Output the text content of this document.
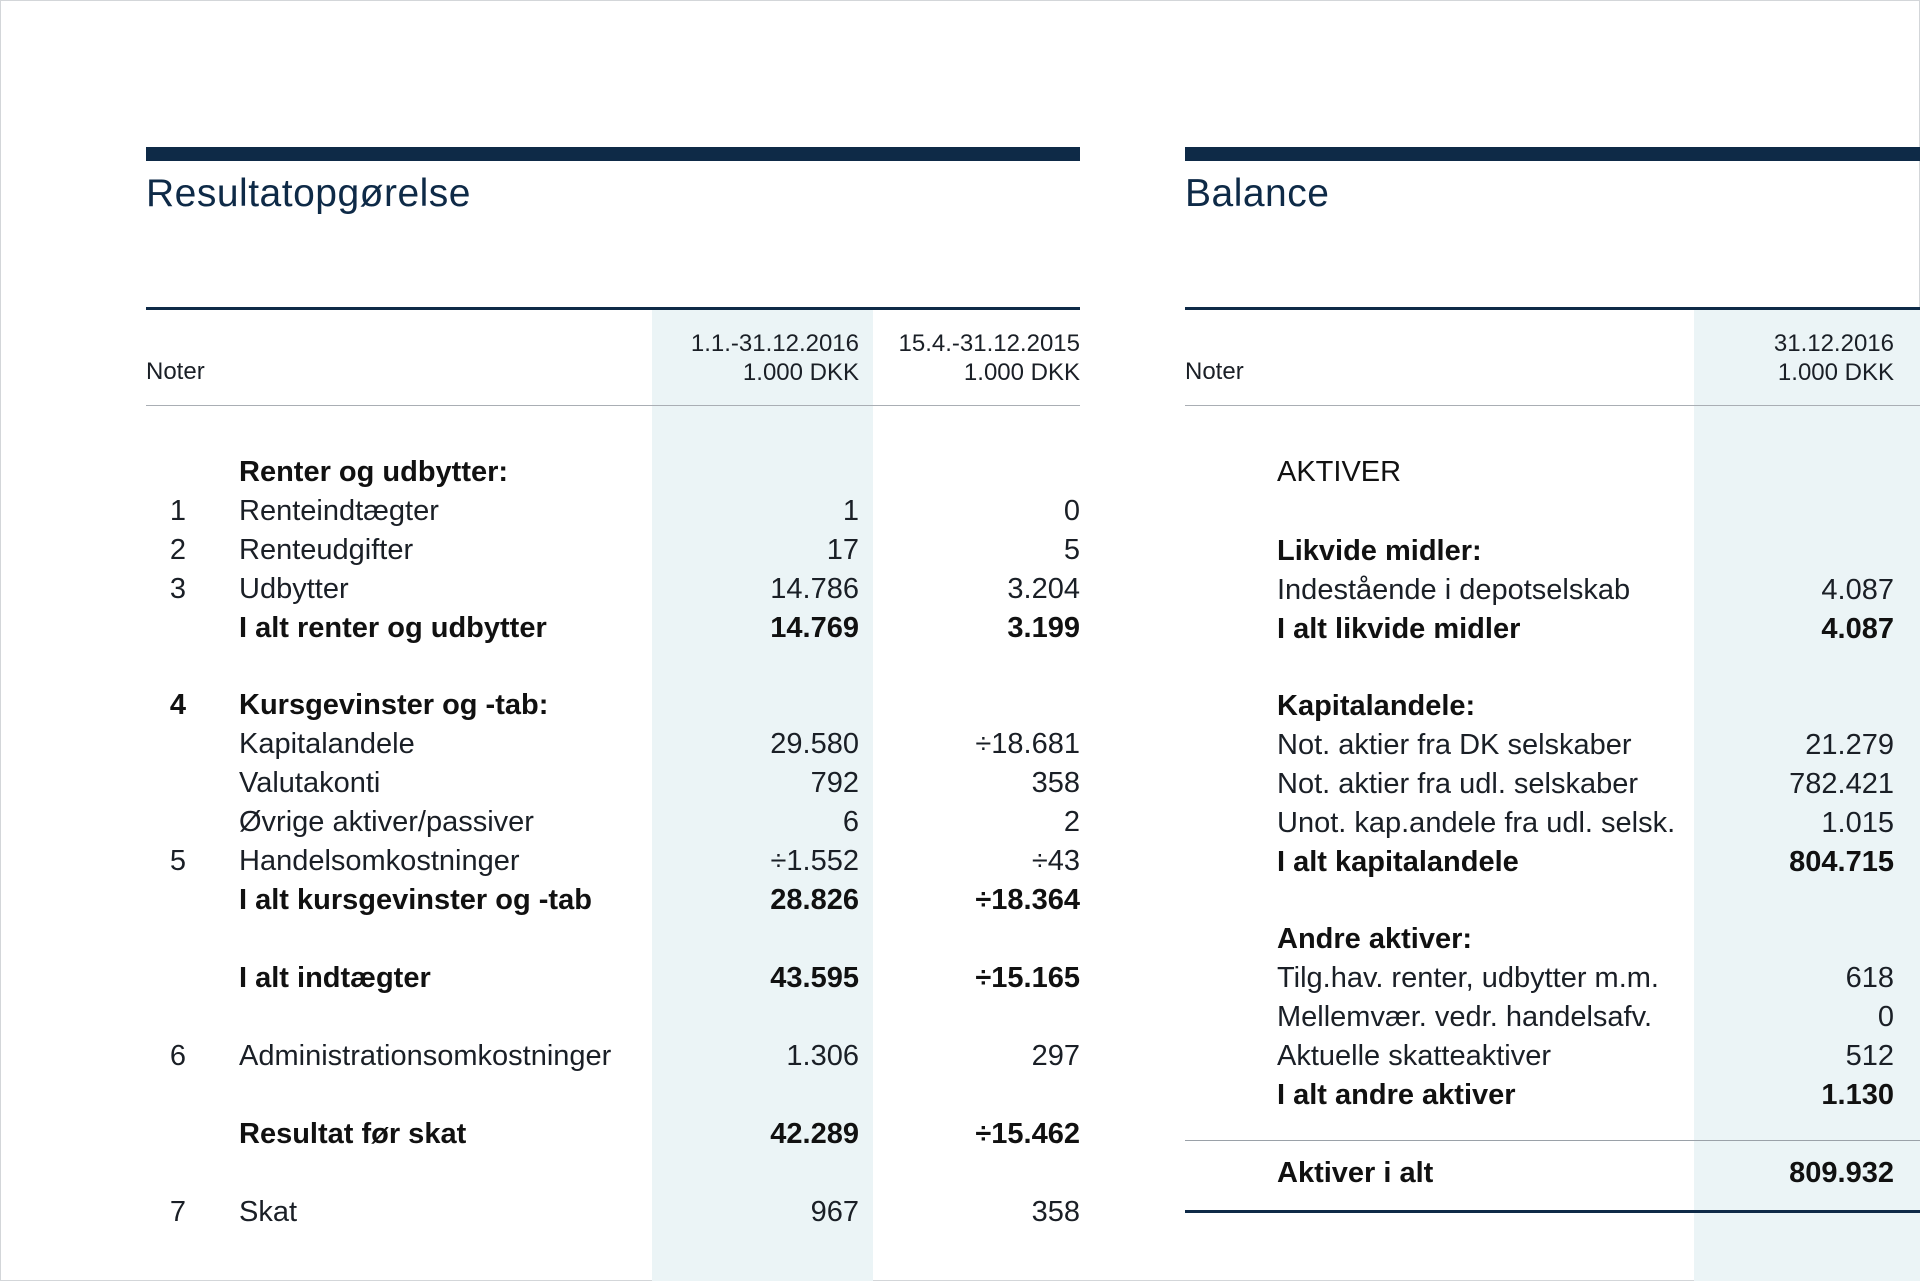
Resultatopgørelse
Noter
1.1.-31.12.2016
1.000 DKK
15.4.-31.12.2015
1.000 DKK
Renter og udbytter:
1	Renteindtægter	1	0
2	Renteudgifter	17	5
3	Udbytter	14.786	3.204
I alt renter og udbytter	14.769	3.199
4	Kursgevinster og -tab:
Kapitalandele	29.580	÷18.681
Valutakonti	792	358
Øvrige aktiver/passiver	6	2
5	Handelsomkostninger	÷1.552	÷43
I alt kursgevinster og -tab	28.826	÷18.364
I alt indtægter	43.595	÷15.165
6	Administrationsomkostninger	1.306	297
Resultat før skat	42.289	÷15.462
7	Skat	967	358
Balance
Noter
31.12.2016
1.000 DKK
AKTIVER
Likvide midler:
Indestående i depotselskab	4.087
I alt likvide midler	4.087
Kapitalandele:
Not. aktier fra DK selskaber	21.279
Not. aktier fra udl. selskaber	782.421
Unot. kap.andele fra udl. selsk.	1.015
I alt kapitalandele	804.715
Andre aktiver:
Tilg.hav. renter, udbytter m.m.	618
Mellemvær. vedr. handelsafv.	0
Aktuelle skatteaktiver	512
I alt andre aktiver	1.130
Aktiver i alt	809.932
